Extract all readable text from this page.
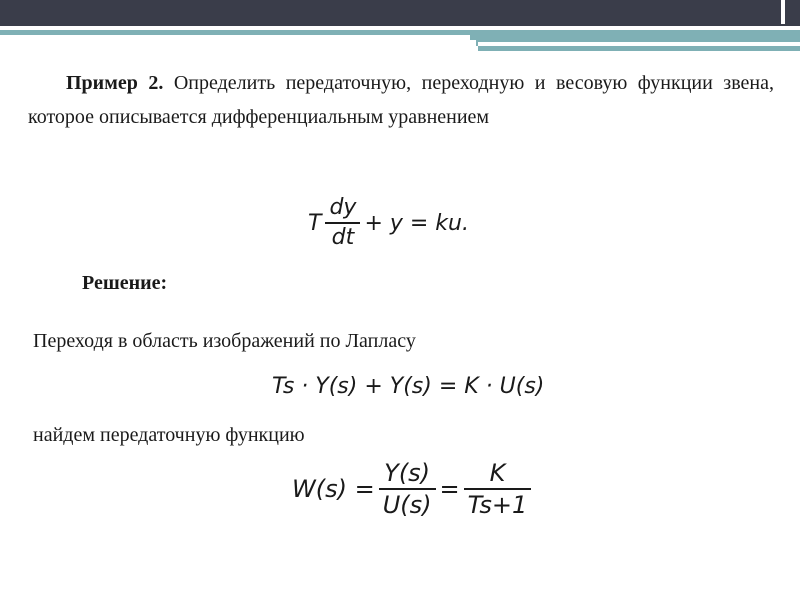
Пример 2. Определить передаточную, переходную и весовую функции звена, которое описывается дифференциальным уравнением

T $\frac{dy}{dt} + y$ = ku.

Решение:

Переходя в область изображений по Лапласу

Ts · Y(s) + Y(s) = K · U(s)

найдем передаточную функцию

$W(s) = \frac{Y(s)}{U(s)} = \frac{K}{Ts+1}$
